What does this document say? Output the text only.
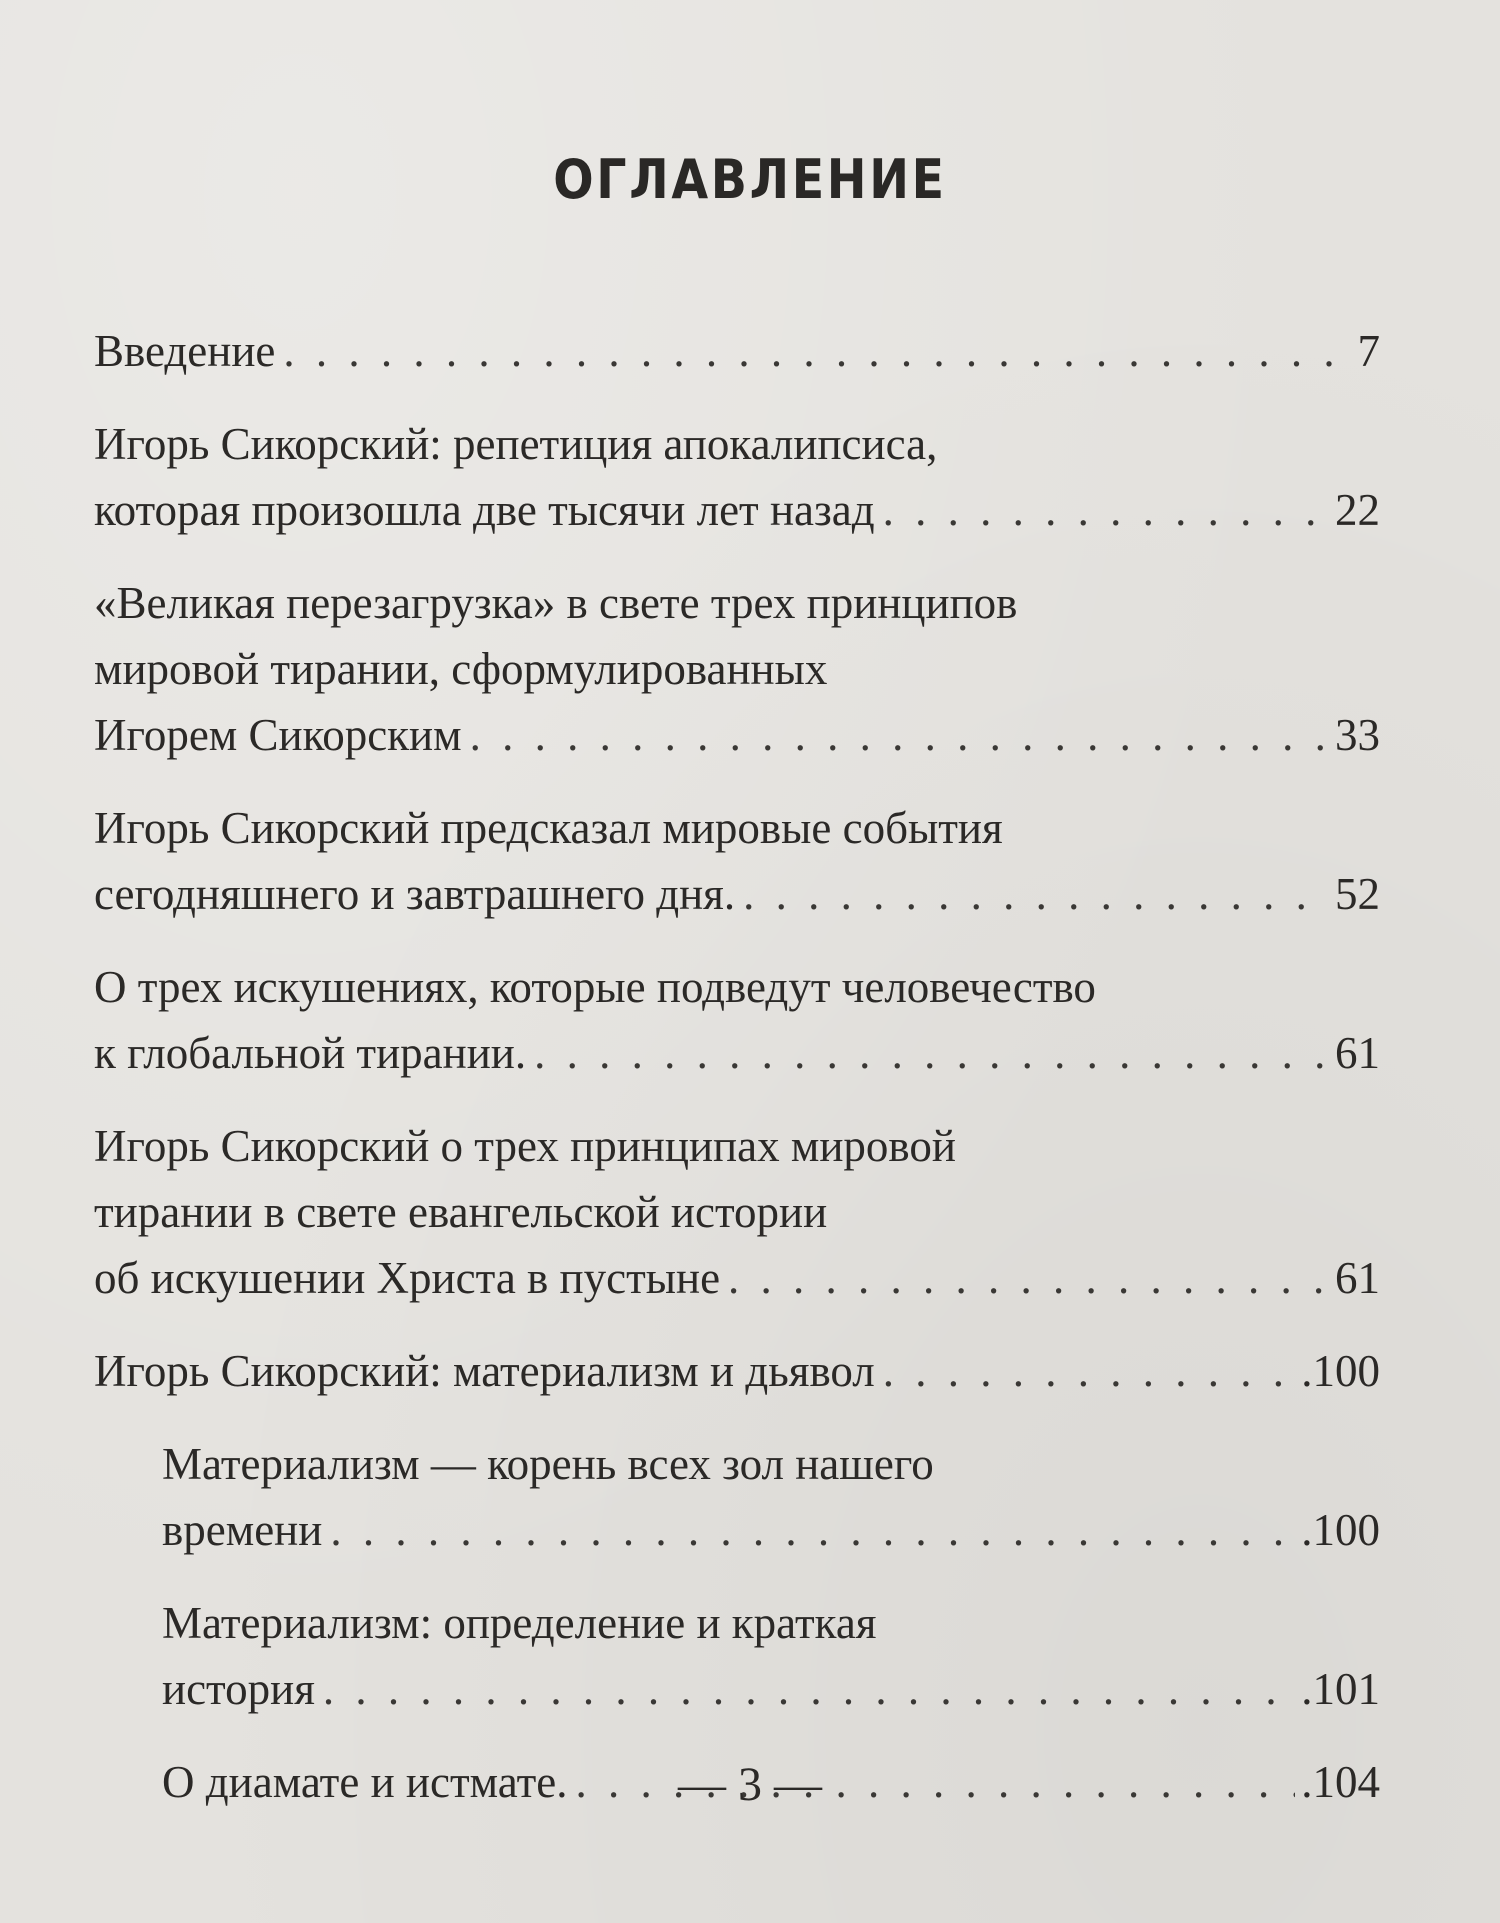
ОГЛАВЛЕНИЕ
Введение . . .	7
Игорь Сикорский: репетиция апокалипсиса,
которая произошла две тысячи лет назад . . .	22
«Великая перезагрузка» в свете трех принципов
мировой тирании, сформулированных
Игорем Сикорским . . .	33
Игорь Сикорский предсказал мировые события
сегодняшнего и завтрашнего дня. . . .	52
О трех искушениях, которые подведут человечество
к глобальной тирании. . . .	61
Игорь Сикорский о трех принципах мировой
тирании в свете евангельской истории
об искушении Христа в пустыне . . .	61
Игорь Сикорский: материализм и дьявол . . .	.100
Материализм — корень всех зол нашего
времени . . .	.100
Материализм: определение и краткая
история . . .	.101
О диамате и истмате. . . .	.104
— 3 —
